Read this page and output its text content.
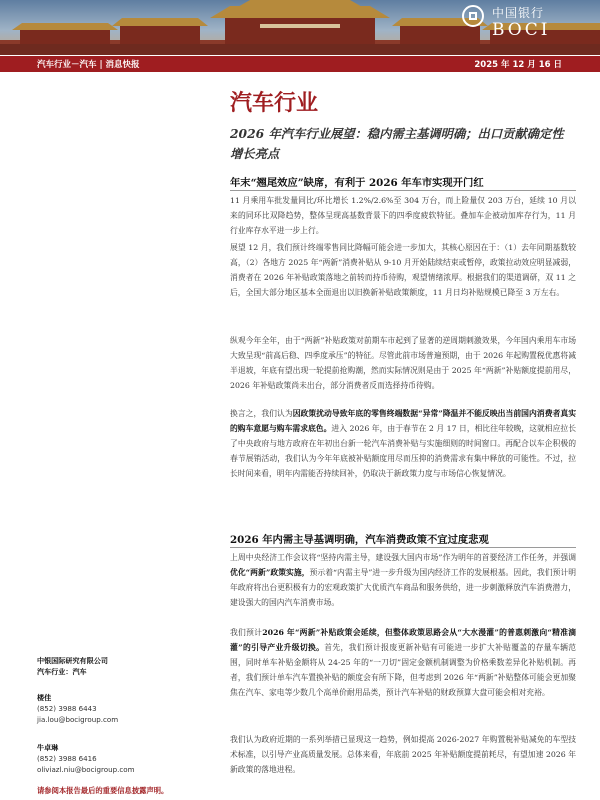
中国银行
BOCI
汽车行业－汽车 | 消息快报	2025 年 12 月 16 日
汽车行业
2026 年汽车行业展望：稳内需主基调明确；出口贡献确定性增长亮点
年末“翘尾效应”缺席，有利于 2026 年车市实现开门红

11 月乘用车批发量同比/环比增长 1.2%/2.6%至 304 万台，而上险量仅 203 万台，延续 10 月以来的同环比双降趋势，整体呈现高基数背景下的四季度疲软特征。叠加车企被动加库存行为，11 月行业库存水平进一步上行。

展望 12 月，我们预计终端零售同比降幅可能会进一步加大，其核心原因在于：（1）去年同期基数较高，（2）各地方 2025 年“两新”消费补贴从 9-10 月开始陆续结束或暂停，政策拉动效应明显减弱，消费者在 2026 年补贴政策落地之前转而持币待购，观望情绪浓厚。根据我们的渠道调研，双 11 之后，全国大部分地区基本全面退出以旧换新补贴政策额度，11 月日均补贴规模已降至 3 万左右。

纵观今年全年，由于“两新”补贴政策对前期车市起到了显著的逆周期刺激效果，今年国内乘用车市场大致呈现“前高后稳、四季度承压”的特征。尽管此前市场普遍预期，由于 2026 年起购置税优惠将减半退坡，年底有望出现一轮提前抢购潮，然而实际情况则是由于 2025 年“两新”补贴额度提前用尽，2026 年补贴政策尚未出台，部分消费者反而选择持币待购。

换言之，我们认为因政策扰动导致年底的零售终端数据“异常”降温并不能反映出当前国内消费者真实的购车意愿与购车需求底色。进入 2026 年，由于春节在 2 月 17 日，相比往年较晚，这就相应拉长了中央政府与地方政府在年初出台新一轮汽车消费补贴与实施细则的时间窗口。再配合以车企积极的春节展销活动，我们认为今年年底被补贴额度用尽而压抑的消费需求有集中释放的可能性。不过，拉长时间来看，明年内需能否持续回补，仍取决于新政策力度与市场信心恢复情况。

2026 年内需主导基调明确，汽车消费政策不宜过度悲观

上周中央经济工作会议将“坚持内需主导，建设强大国内市场”作为明年的首要经济工作任务，并强调优化“两新”政策实施，预示着“内需主导”进一步升级为国内经济工作的发展根基。因此，我们预计明年政府将出台更积极有力的宏观政策扩大优质汽车商品和服务供给，进一步刺激释放汽车消费潜力，建设强大的国内汽车消费市场。

我们预计2026 年“两新”补贴政策会延续，但整体政策思路会从“大水漫灌”的普惠刺激向“精准滴灌”的引导产业升级切换。首先，我们预计报废更新补贴有可能进一步扩大补贴覆盖的存量车辆范围，同时单车补贴金额将从 24-25 年的“一刀切”固定金额机制调整为价格乘数差异化补贴机制。再者，我们预计单车汽车置换补贴的额度会有所下降，但考虑到 2026 年“两新”补贴整体可能会更加聚焦在汽车、家电等少数几个高单价耐用品类，预计汽车补贴的财政预算大盘可能会相对充裕。

我们认为政府近期的一系列举措已显现这一趋势，例如提高 2026-2027 年购置税补贴减免的车型技术标准，以引导产业高质量发展。总体来看，年底前 2025 年补贴额度提前耗尽，有望加速 2026 年新政策的落地进程。

中银国际研究有限公司
汽车行业：汽车
楼佳
(852) 3988 6443
jia.lou@bocigroup.com
牛卓琳
(852) 3988 6416
oliviazl.niu@bocigroup.com
请参阅本报告最后的重要信息披露声明。
